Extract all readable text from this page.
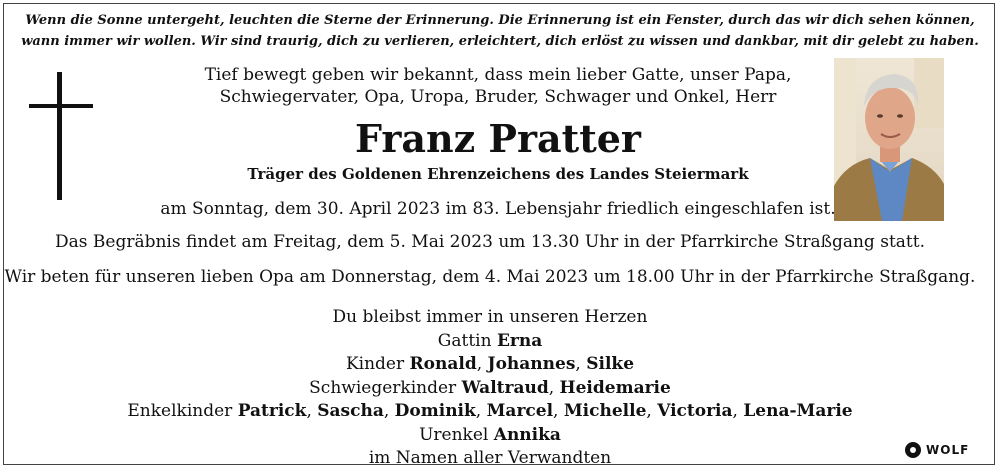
Wenn die Sonne untergeht, leuchten die Sterne der Erinnerung. Die Erinnerung ist ein Fenster, durch das wir dich sehen können,
wann immer wir wollen. Wir sind traurig, dich zu verlieren, erleichtert, dich erlöst zu wissen und dankbar, mit dir gelebt zu haben.
Tief bewegt geben wir bekannt, dass mein lieber Gatte, unser Papa,
Schwiegervater, Opa, Uropa, Bruder, Schwager und Onkel, Herr
Franz Pratter
Träger des Goldenen Ehrenzeichens des Landes Steiermark
am Sonntag, dem 30. April 2023 im 83. Lebensjahr friedlich eingeschlafen ist.
Das Begräbnis findet am Freitag, dem 5. Mai 2023 um 13.30 Uhr in der Pfarrkirche Straßgang statt.
Wir beten für unseren lieben Opa am Donnerstag, dem 4. Mai 2023 um 18.00 Uhr in der Pfarrkirche Straßgang.
Du bleibst immer in unseren Herzen
Gattin Erna
Kinder Ronald, Johannes, Silke
Schwiegerkinder Waltraud, Heidemarie
Enkelkinder Patrick, Sascha, Dominik, Marcel, Michelle, Victoria, Lena-Marie
Urenkel Annika
im Namen aller Verwandten	WOLF
